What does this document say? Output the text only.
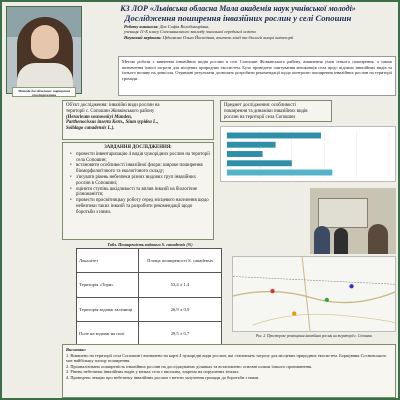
Методи дослідження: маршрутні спостереження
КЗ ЛОР «Львівська обласна Мала академія наук учнівської молоді»
Дослідження поширення інвазійних рослин у селі Сопошин
Роботу виконала: Дах Софія Володимирівна,
учениця 11-Б класу Сопошинського закладу загальної середньої освіти
Науковий керівник: Цідилкова Ольга Йосипівна, вчитель хімії та біології вищої категорії
Метою роботи є вивчення інвазійних видів рослин в селі Сопошин Жовківського району, виявлення умов їхнього поширення, а також визначення їхньої загрози для місцевих природних екосистем. Було проведено опитування мешканців села щодо відомих інвазійних видів та їхнього впливу на довкілля. Отримані результати дозволять розробити рекомендації щодо контролю поширення інвазійних рослин на території громади.
Об'єкт дослідження: інвазійні види рослин на
території с. Сопошин Жовківського району
(Heracleum sosnowskyi Manden,
Parthenocissus inserta Kern., Sium sypidea L.,
Solidago canadensis L.).
Предмет дослідження: особливості
поширення та динаміки інвазійних видів
рослин на території села Сопошин
ЗАВДАННЯ ДОСЛІДЖЕННЯ:
• провести інвентаризацію 4 видів чужорідних рослин на території села Сопошин;
• встановити особливості інвазійної флори: широке поширення біоморфологічного та екологічного складу;
• з'ясувати рівень небезпеки різних видових груп інвазійних рослин в Сопошині;
• оцінити ступінь шкідливості та вплив інвазій на біологічне різноманіття;
• провести просвітницьку роботу серед місцевого населення щодо небезпеки таких інвазій та розробити рекомендації щодо боротьби з ними.
Табл. Поширеність видового S. canadensis (%)
Локалітет	Площа поширеності S. canadensis
Територія «Тори»	53,4 ± 1,4
Територія вздовж залізниці	26,9 ± 0,9
Поле на вздовж на полі	29,5 ± 0,7
Рис. 2. Просторове розміщення інвазійних рослин на території с. Сопошин
Висновки:
1. Виявлено на території села Сопошин і визначено на карті 4 чужорідні види рослин, які становлять загрозу для місцевих природних екосистем. Борщівник Сосновського має найбільшу площу поширення.
2. Проаналізовано поширеність інвазійних рослин на досліджуваних ділянках та встановлено основні шляхи їхнього проникнення.
3. Рівень небезпеки інвазійних видів у межах села є високим, зокрема на порушених землях.
4. Проведено лекцію про небезпеку інвазійних рослин з метою залучення громади до боротьби з ними.
